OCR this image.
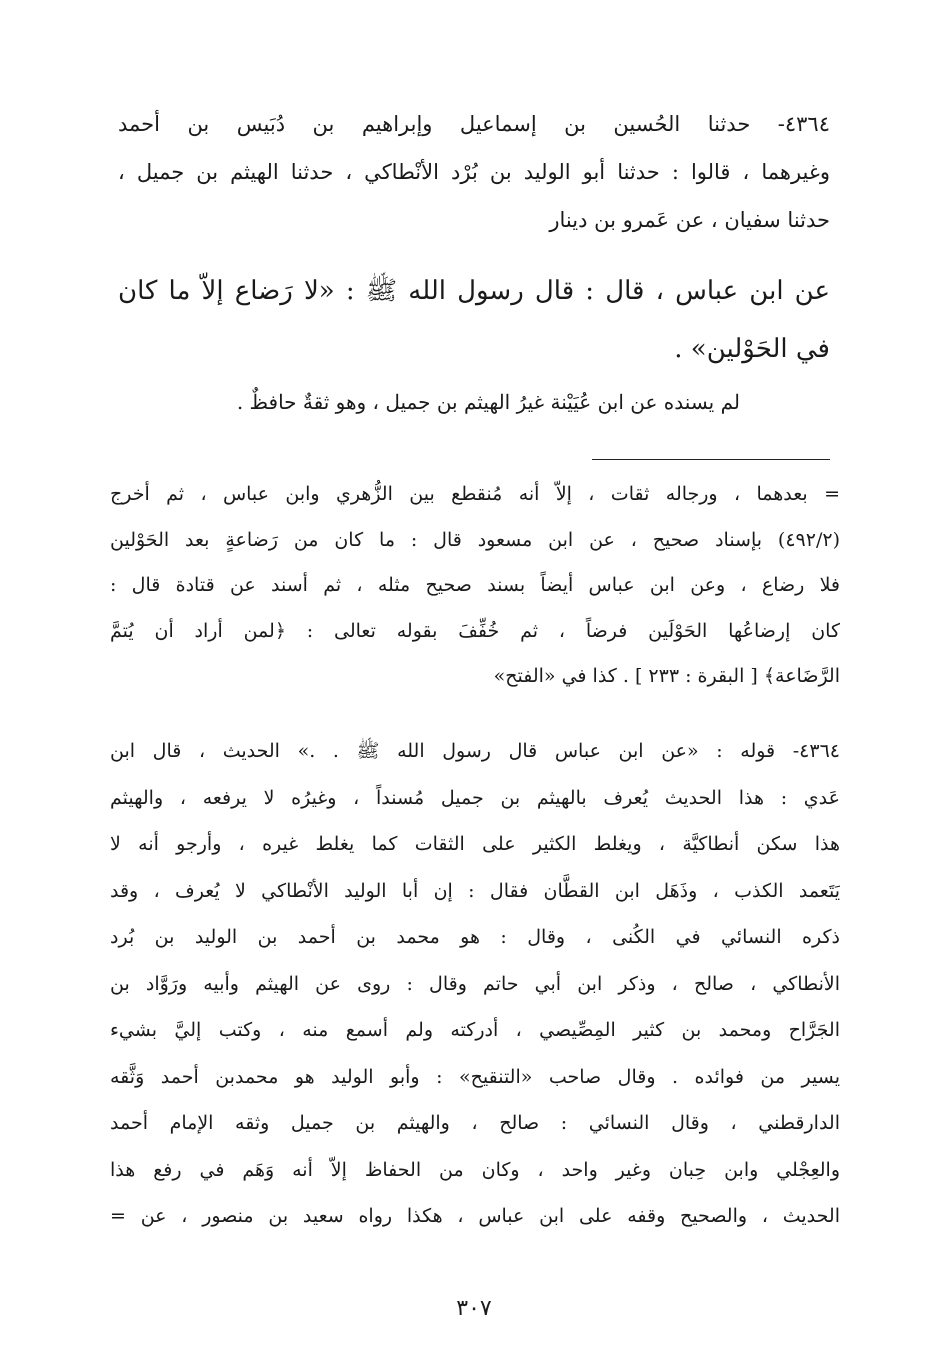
٤٣٦٤- حدثنا الحُسين بن إسماعيل وإبراهيم بن دُبَيس بن أحمد
وغيرهما ، قالوا : حدثنا أبو الوليد بن بُرْد الأنْطاكي ، حدثنا الهيثم بن جميل ،
حدثنا سفيان ، عن عَمرو بن دينار
عن ابن عباس ، قال : قال رسول الله ﷺ : «لا رَضاع إلاّ ما كان
في الحَوْلين» .
لم يسنده عن ابن عُيَيْنة غيرُ الهيثم بن جميل ، وهو ثقةٌ حافظٌ .
= بعدهما ، ورجاله ثقات ، إلاّ أنه مُنقطع بين الزُّهري وابن عباس ، ثم أخرج
(٤٩٢/٢) بإسناد صحيح ، عن ابن مسعود قال : ما كان من رَضاعةٍ بعد الحَوْلين
فلا رضاع ، وعن ابن عباس أيضاً بسند صحيح مثله ، ثم أسند عن قتادة قال :
كان إرضاعُها الحَوْلَين فرضاً ، ثم خُفِّفَ بقوله تعالى : ﴿لمن أراد أن يُتمَّ
الرَّضَاعة﴾ [ البقرة : ٢٣٣ ] . كذا في «الفتح»
٤٣٦٤- قوله : «عن ابن عباس قال رسول الله ﷺ . .» الحديث ، قال ابن
عَدي : هذا الحديث يُعرف بالهيثم بن جميل مُسنداً ، وغيرُه لا يرفعه ، والهيثم
هذا سكن أنطاكيَّة ، ويغلط الكثير على الثقات كما يغلط غيره ، وأرجو أنه لا
يَتَعمد الكذب ، وذَهَل ابن القطَّان فقال : إن أبا الوليد الأنْطاكي لا يُعرف ، وقد
ذكره النسائي في الكُنى ، وقال : هو محمد بن أحمد بن الوليد بن بُرد
الأنطاكي ، صالح ، وذكر ابن أبي حاتم وقال : روى عن الهيثم وأبيه ورَوَّاد بن
الجَرَّاح ومحمد بن كثير المِصِّيصي ، أدركته ولم أسمع منه ، وكتب إليَّ بشيء
يسير من فوائده . وقال صاحب «التنقيح» : وأبو الوليد هو محمدبن أحمد وَثَّقه
الدارقطني ، وقال النسائي : صالح ، والهيثم بن جميل وثقه الإمام أحمد
والعِجْلي وابن حِبان وغير واحد ، وكان من الحفاظ إلاّ أنه وَهَم في رفع هذا
الحديث ، والصحيح وقفه على ابن عباس ، هكذا رواه سعيد بن منصور ، عن =
٣٠٧
